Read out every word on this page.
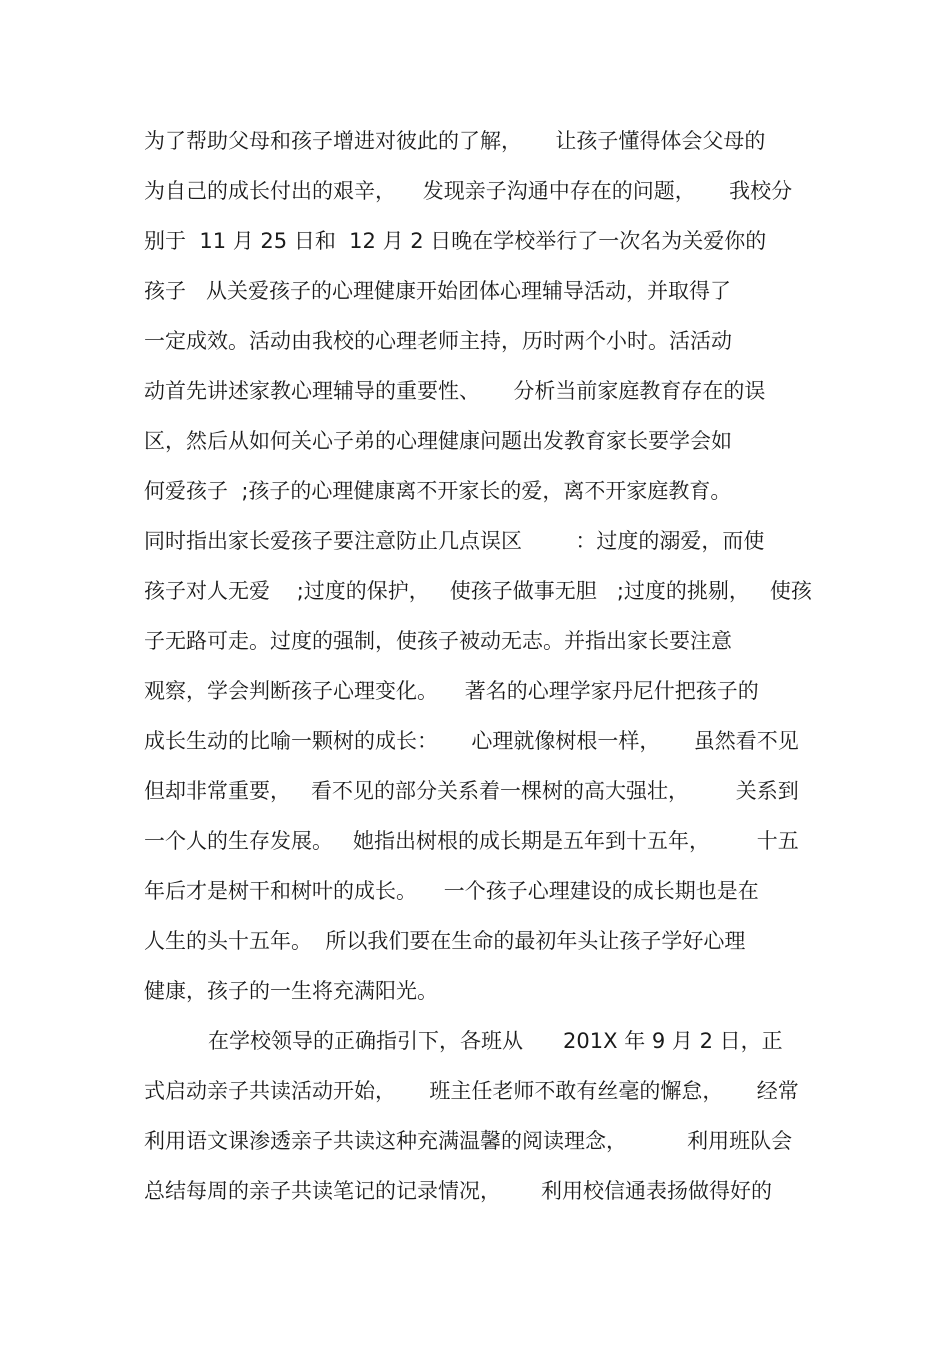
为了帮助父母和孩子增进对彼此的了解，     让孩子懂得体会父母的

为自己的成长付出的艰辛，    发现亲子沟通中存在的问题，     我校分

别于  11 月 25 日和  12 月 2 日晚在学校举行了一次名为关爱你的

孩子   从关爱孩子的心理健康开始团体心理辅导活动，并取得了

一定成效。活动由我校的心理老师主持，历时两个小时。活活动

动首先讲述家教心理辅导的重要性、     分析当前家庭教育存在的误

区，然后从如何关心子弟的心理健康问题出发教育家长要学会如

何爱孩子  ;孩子的心理健康离不开家长的爱，离不开家庭教育。

同时指出家长爱孩子要注意防止几点误区        ：过度的溺爱，而使

孩子对人无爱    ;过度的保护，   使孩子做事无胆   ;过度的挑剔，   使孩

子无路可走。过度的强制，使孩子被动无志。并指出家长要注意

观察，学会判断孩子心理变化。    著名的心理学家丹尼什把孩子的

成长生动的比喻一颗树的成长：     心理就像树根一样，     虽然看不见

但却非常重要，   看不见的部分关系着一棵树的高大强壮，       关系到

一个人的生存发展。   她指出树根的成长期是五年到十五年，       十五

年后才是树干和树叶的成长。    一个孩子心理建设的成长期也是在

人生的头十五年。  所以我们要在生命的最初年头让孩子学好心理

健康，孩子的一生将充满阳光。

在学校领导的正确指引下，各班从      201X 年 9 月 2 日，正

式启动亲子共读活动开始，     班主任老师不敢有丝毫的懈怠，     经常

利用语文课渗透亲子共读这种充满温馨的阅读理念，         利用班队会

总结每周的亲子共读笔记的记录情况，      利用校信通表扬做得好的
